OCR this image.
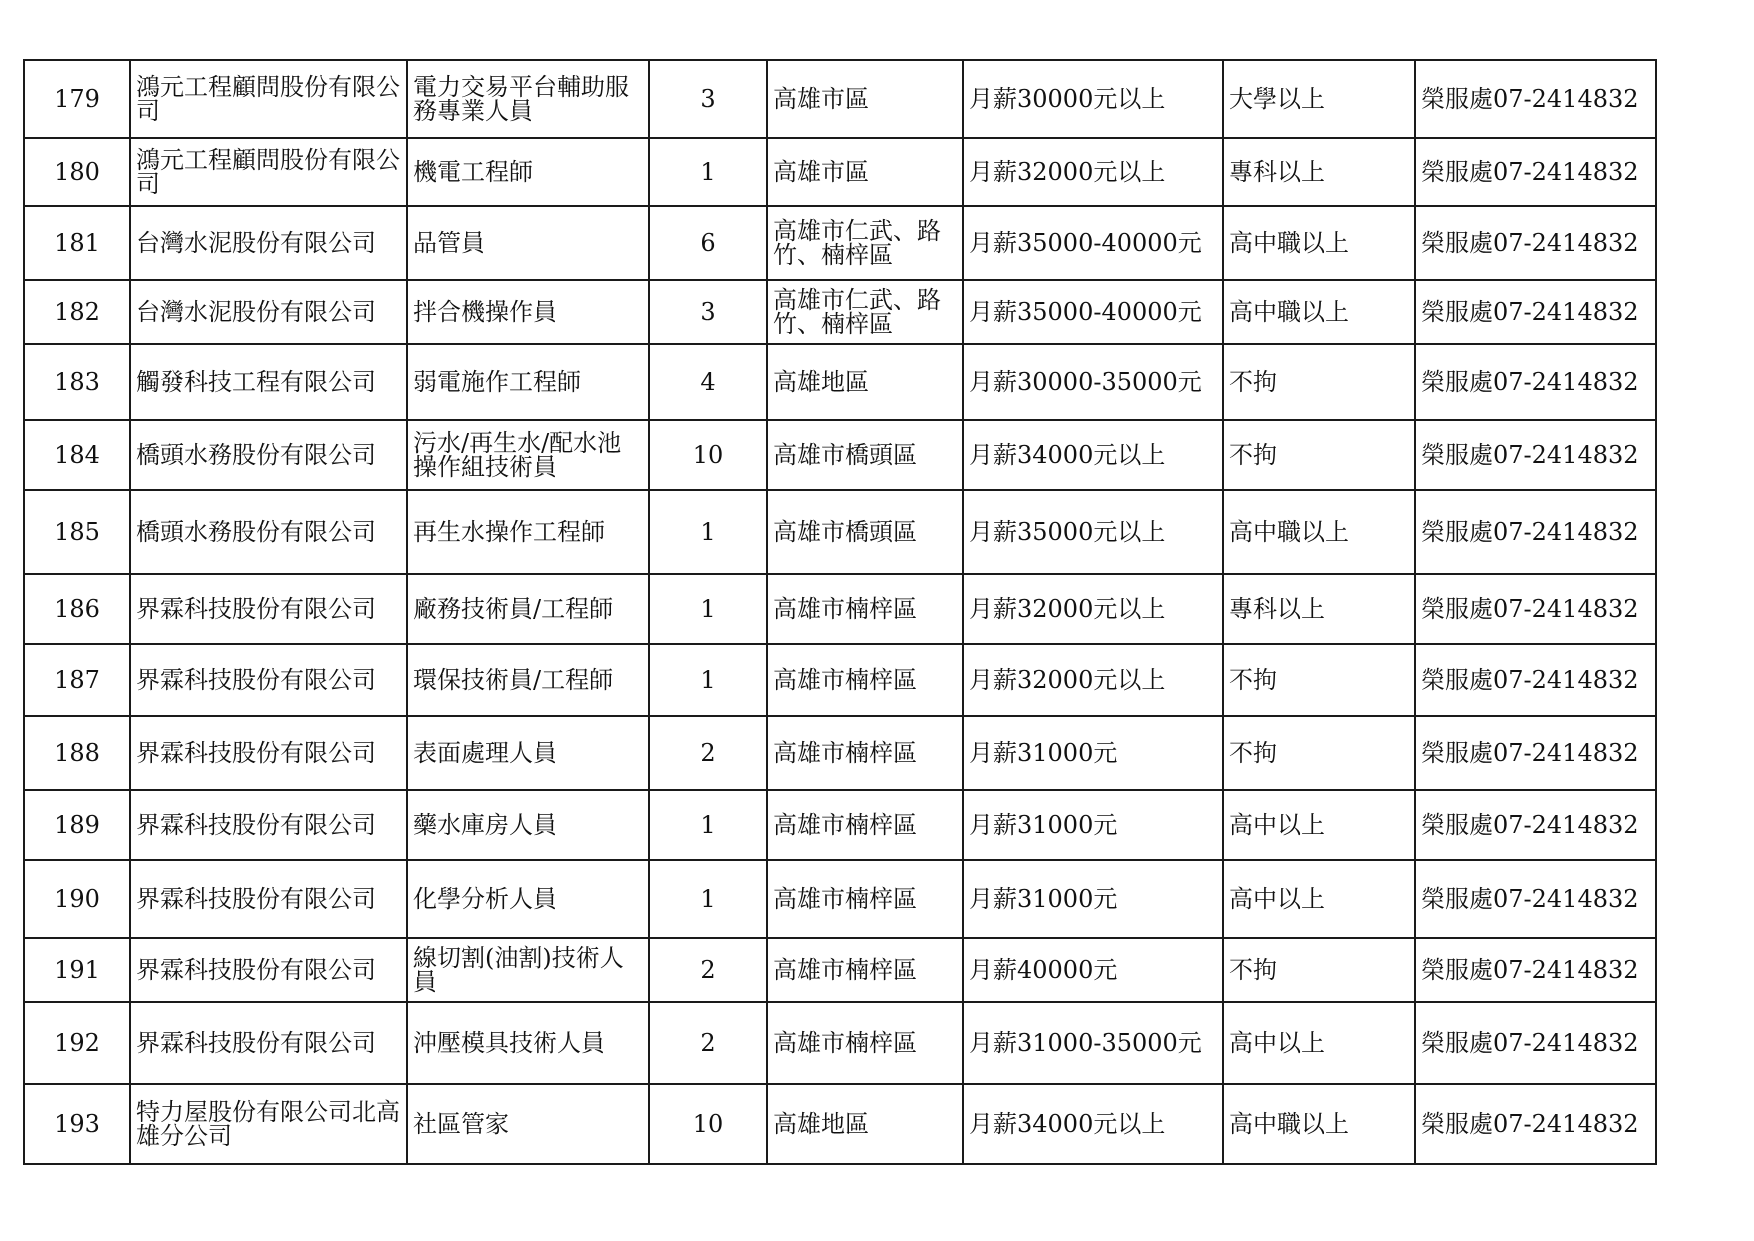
179	鴻元工程顧問股份有限公司	電力交易平台輔助服務專業人員	3	高雄市區	月薪30000元以上	大學以上	榮服處07-2414832
180	鴻元工程顧問股份有限公司	機電工程師	1	高雄市區	月薪32000元以上	專科以上	榮服處07-2414832
181	台灣水泥股份有限公司	品管員	6	高雄市仁武、路竹、楠梓區	月薪35000-40000元	高中職以上	榮服處07-2414832
182	台灣水泥股份有限公司	拌合機操作員	3	高雄市仁武、路竹、楠梓區	月薪35000-40000元	高中職以上	榮服處07-2414832
183	觸發科技工程有限公司	弱電施作工程師	4	高雄地區	月薪30000-35000元	不拘	榮服處07-2414832
184	橋頭水務股份有限公司	污水/再生水/配水池操作組技術員	10	高雄市橋頭區	月薪34000元以上	不拘	榮服處07-2414832
185	橋頭水務股份有限公司	再生水操作工程師	1	高雄市橋頭區	月薪35000元以上	高中職以上	榮服處07-2414832
186	界霖科技股份有限公司	廠務技術員/工程師	1	高雄市楠梓區	月薪32000元以上	專科以上	榮服處07-2414832
187	界霖科技股份有限公司	環保技術員/工程師	1	高雄市楠梓區	月薪32000元以上	不拘	榮服處07-2414832
188	界霖科技股份有限公司	表面處理人員	2	高雄市楠梓區	月薪31000元	不拘	榮服處07-2414832
189	界霖科技股份有限公司	藥水庫房人員	1	高雄市楠梓區	月薪31000元	高中以上	榮服處07-2414832
190	界霖科技股份有限公司	化學分析人員	1	高雄市楠梓區	月薪31000元	高中以上	榮服處07-2414832
191	界霖科技股份有限公司	線切割(油割)技術人員	2	高雄市楠梓區	月薪40000元	不拘	榮服處07-2414832
192	界霖科技股份有限公司	沖壓模具技術人員	2	高雄市楠梓區	月薪31000-35000元	高中以上	榮服處07-2414832
193	特力屋股份有限公司北高雄分公司	社區管家	10	高雄地區	月薪34000元以上	高中職以上	榮服處07-2414832
